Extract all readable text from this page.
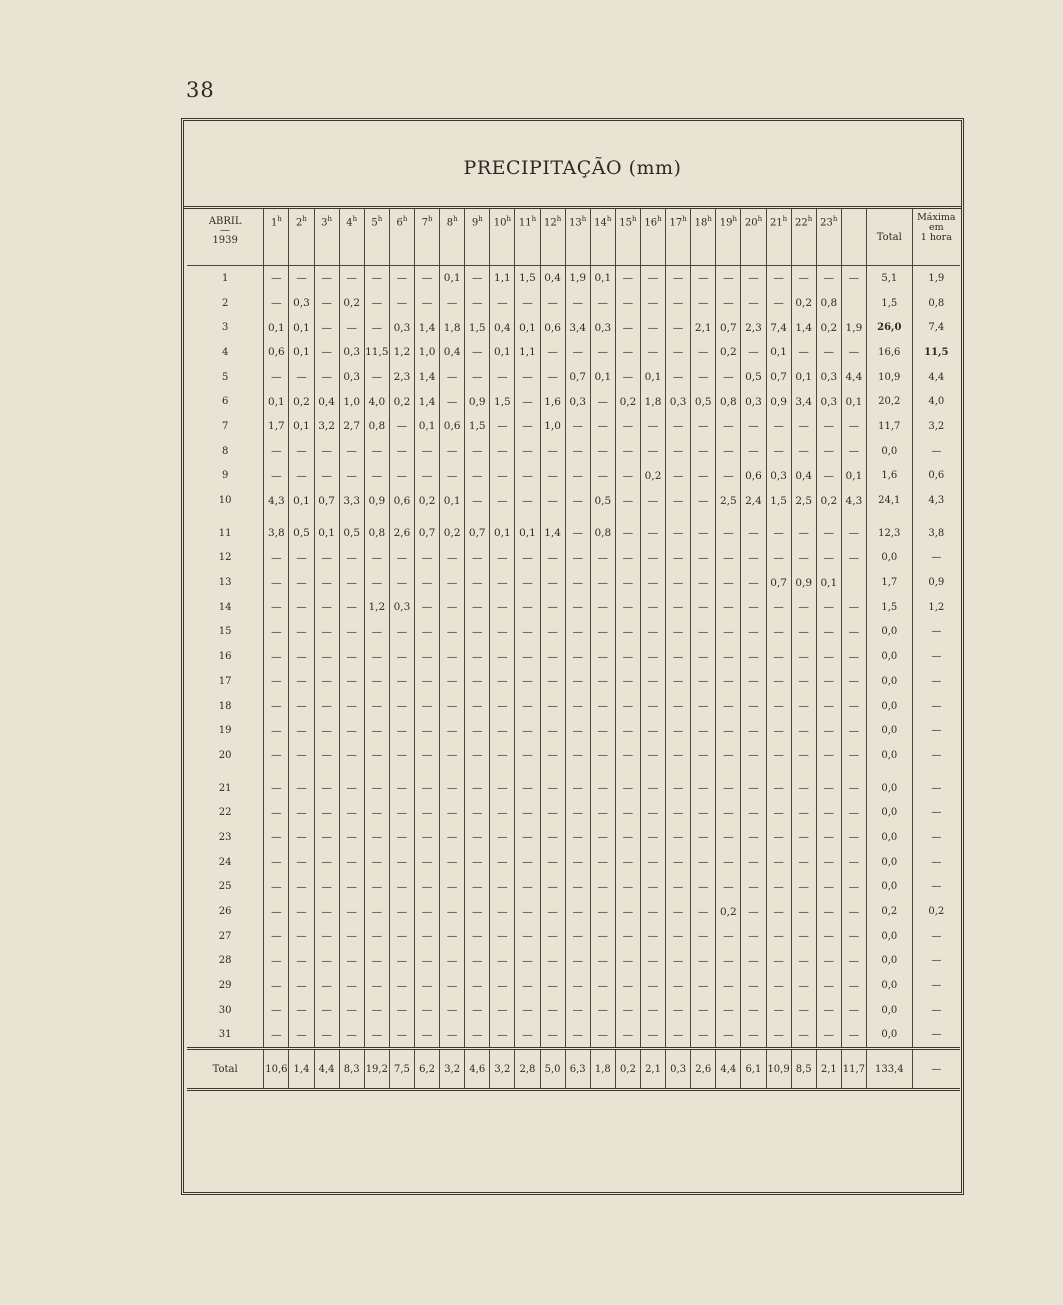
38
PRECIPITAÇÃO (mm)
ABRIL
—
1939	1$^h$	2$^h$	3$^h$	4$^h$	5$^h$	6$^h$	7$^h$	8$^h$	9$^h$	10$^h$	11$^h$	12$^h$	13$^h$	14$^h$	15$^h$	16$^h$	17$^h$	18$^h$	19$^h$	20$^h$	21$^h$	22$^h$	23$^h$		Total	Máxima
em
1 hora
1	—	—	—	—	—	—	—	0,1	—	1,1	1,5	0,4	1,9	0,1	—	—	—	—	—	—	—	—	—	—	5,1	1,9
2	—	0,3	—	0,2	—	—	—	—	—	—	—	—	—	—	—	—	—	—	—	—	—	0,2	0,8		1,5	0,8
3	0,1	0,1	—	—	—	0,3	1,4	1,8	1,5	0,4	0,1	0,6	3,4	0,3	—	—	—	2,1	0,7	2,3	7,4	1,4	0,2	1,9	26,0	7,4
4	0,6	0,1	—	0,3	11,5	1,2	1,0	0,4	—	0,1	1,1	—	—	—	—	—	—	—	0,2	—	0,1	—	—	—	16,6	11,5
5	—	—	—	0,3	—	2,3	1,4	—	—	—	—	—	0,7	0,1	—	0,1	—	—	—	0,5	0,7	0,1	0,3	4,4	10,9	4,4
6	0,1	0,2	0,4	1,0	4,0	0,2	1,4	—	0,9	1,5	—	1,6	0,3	—	0,2	1,8	0,3	0,5	0,8	0,3	0,9	3,4	0,3	0,1	20,2	4,0
7	1,7	0,1	3,2	2,7	0,8	—	0,1	0,6	1,5	—	—	1,0	—	—	—	—	—	—	—	—	—	—	—	—	11,7	3,2
8	—	—	—	—	—	—	—	—	—	—	—	—	—	—	—	—	—	—	—	—	—	—	—	—	0,0	—
9	—	—	—	—	—	—	—	—	—	—	—	—	—	—	—	0,2	—	—	—	0,6	0,3	0,4	—	0,1	1,6	0,6
10	4,3	0,1	0,7	3,3	0,9	0,6	0,2	0,1	—	—	—	—	—	0,5	—	—	—	—	2,5	2,4	1,5	2,5	0,2	4,3	24,1	4,3

11	3,8	0,5	0,1	0,5	0,8	2,6	0,7	0,2	0,7	0,1	0,1	1,4	—	0,8	—	—	—	—	—	—	—	—	—	—	12,3	3,8
12	—	—	—	—	—	—	—	—	—	—	—	—	—	—	—	—	—	—	—	—	—	—	—	—	0,0	—
13	—	—	—	—	—	—	—	—	—	—	—	—	—	—	—	—	—	—	—	—	0,7	0,9	0,1		1,7	0,9
14	—	—	—	—	1,2	0,3	—	—	—	—	—	—	—	—	—	—	—	—	—	—	—	—	—	—	1,5	1,2
15	—	—	—	—	—	—	—	—	—	—	—	—	—	—	—	—	—	—	—	—	—	—	—	—	0,0	—
16	—	—	—	—	—	—	—	—	—	—	—	—	—	—	—	—	—	—	—	—	—	—	—	—	0,0	—
17	—	—	—	—	—	—	—	—	—	—	—	—	—	—	—	—	—	—	—	—	—	—	—	—	0,0	—
18	—	—	—	—	—	—	—	—	—	—	—	—	—	—	—	—	—	—	—	—	—	—	—	—	0,0	—
19	—	—	—	—	—	—	—	—	—	—	—	—	—	—	—	—	—	—	—	—	—	—	—	—	0,0	—
20	—	—	—	—	—	—	—	—	—	—	—	—	—	—	—	—	—	—	—	—	—	—	—	—	0,0	—

21	—	—	—	—	—	—	—	—	—	—	—	—	—	—	—	—	—	—	—	—	—	—	—	—	0,0	—
22	—	—	—	—	—	—	—	—	—	—	—	—	—	—	—	—	—	—	—	—	—	—	—	—	0,0	—
23	—	—	—	—	—	—	—	—	—	—	—	—	—	—	—	—	—	—	—	—	—	—	—	—	0,0	—
24	—	—	—	—	—	—	—	—	—	—	—	—	—	—	—	—	—	—	—	—	—	—	—	—	0,0	—
25	—	—	—	—	—	—	—	—	—	—	—	—	—	—	—	—	—	—	—	—	—	—	—	—	0,0	—
26	—	—	—	—	—	—	—	—	—	—	—	—	—	—	—	—	—	—	0,2	—	—	—	—	—	0,2	0,2
27	—	—	—	—	—	—	—	—	—	—	—	—	—	—	—	—	—	—	—	—	—	—	—	—	0,0	—
28	—	—	—	—	—	—	—	—	—	—	—	—	—	—	—	—	—	—	—	—	—	—	—	—	0,0	—
29	—	—	—	—	—	—	—	—	—	—	—	—	—	—	—	—	—	—	—	—	—	—	—	—	0,0	—
30	—	—	—	—	—	—	—	—	—	—	—	—	—	—	—	—	—	—	—	—	—	—	—	—	0,0	—
31	—	—	—	—	—	—	—	—	—	—	—	—	—	—	—	—	—	—	—	—	—	—	—	—	0,0	—
Total	10,6	1,4	4,4	8,3	19,2	7,5	6,2	3,2	4,6	3,2	2,8	5,0	6,3	1,8	0,2	2,1	0,3	2,6	4,4	6,1	10,9	8,5	2,1	11,7	133,4	—
